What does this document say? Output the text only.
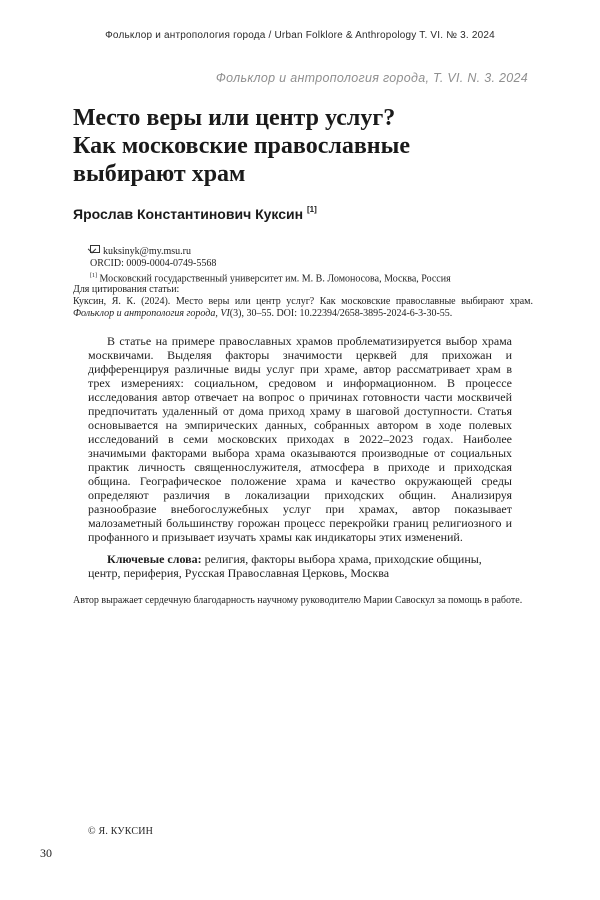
Фольклор и антропология города / Urban Folklore & Anthropology T. VI. № 3. 2024
Фольклор и антропология города, T. VI. N. 3. 2024
Место веры или центр услуг?
Как московские православные
выбирают храм
Ярослав Константинович Куксин [1]
kuksinyk@my.msu.ru
ORCID: 0009-0004-0749-5568
[1] Московский государственный университет им. М. В. Ломоносова, Москва, Россия
Для цитирования статьи:
Куксин, Я. К. (2024). Место веры или центр услуг? Как московские православные выбирают храм. Фольклор и антропология города, VI(3), 30–55. DOI: 10.22394/2658-3895-2024-6-3-30-55.

В статье на примере православных храмов проблематизируется выбор храма москвичами. Выделяя факторы значимости церквей для прихожан и дифференцируя различные виды услуг при храме, автор рассматривает храм в трех измерениях: социальном, средовом и информационном. В процессе исследования автор отвечает на вопрос о причинах готовности части москвичей предпочитать удаленный от дома приход храму в шаговой доступности. Статья основывается на эмпирических данных, собранных автором в ходе полевых исследований в семи московских приходах в 2022–2023 годах. Наиболее значимыми факторами выбора храма оказываются производные от социальных практик личность священнослужителя, атмосфера в приходе и приходская община. Географическое положение храма и качество окружающей среды определяют различия в локализации приходских общин. Анализируя разнообразие внебогослужебных услуг при храмах, автор показывает малозаметный большинству горожан процесс перекройки границ религиозного и профанного и призывает изучать храмы как индикаторы этих изменений.

Ключевые слова: религия, факторы выбора храма, приходские общины, центр, периферия, Русская Православная Церковь, Москва

Автор выражает сердечную благодарность научному руководителю Марии Савоскул за помощь в работе.

© Я. КУКСИН
30
